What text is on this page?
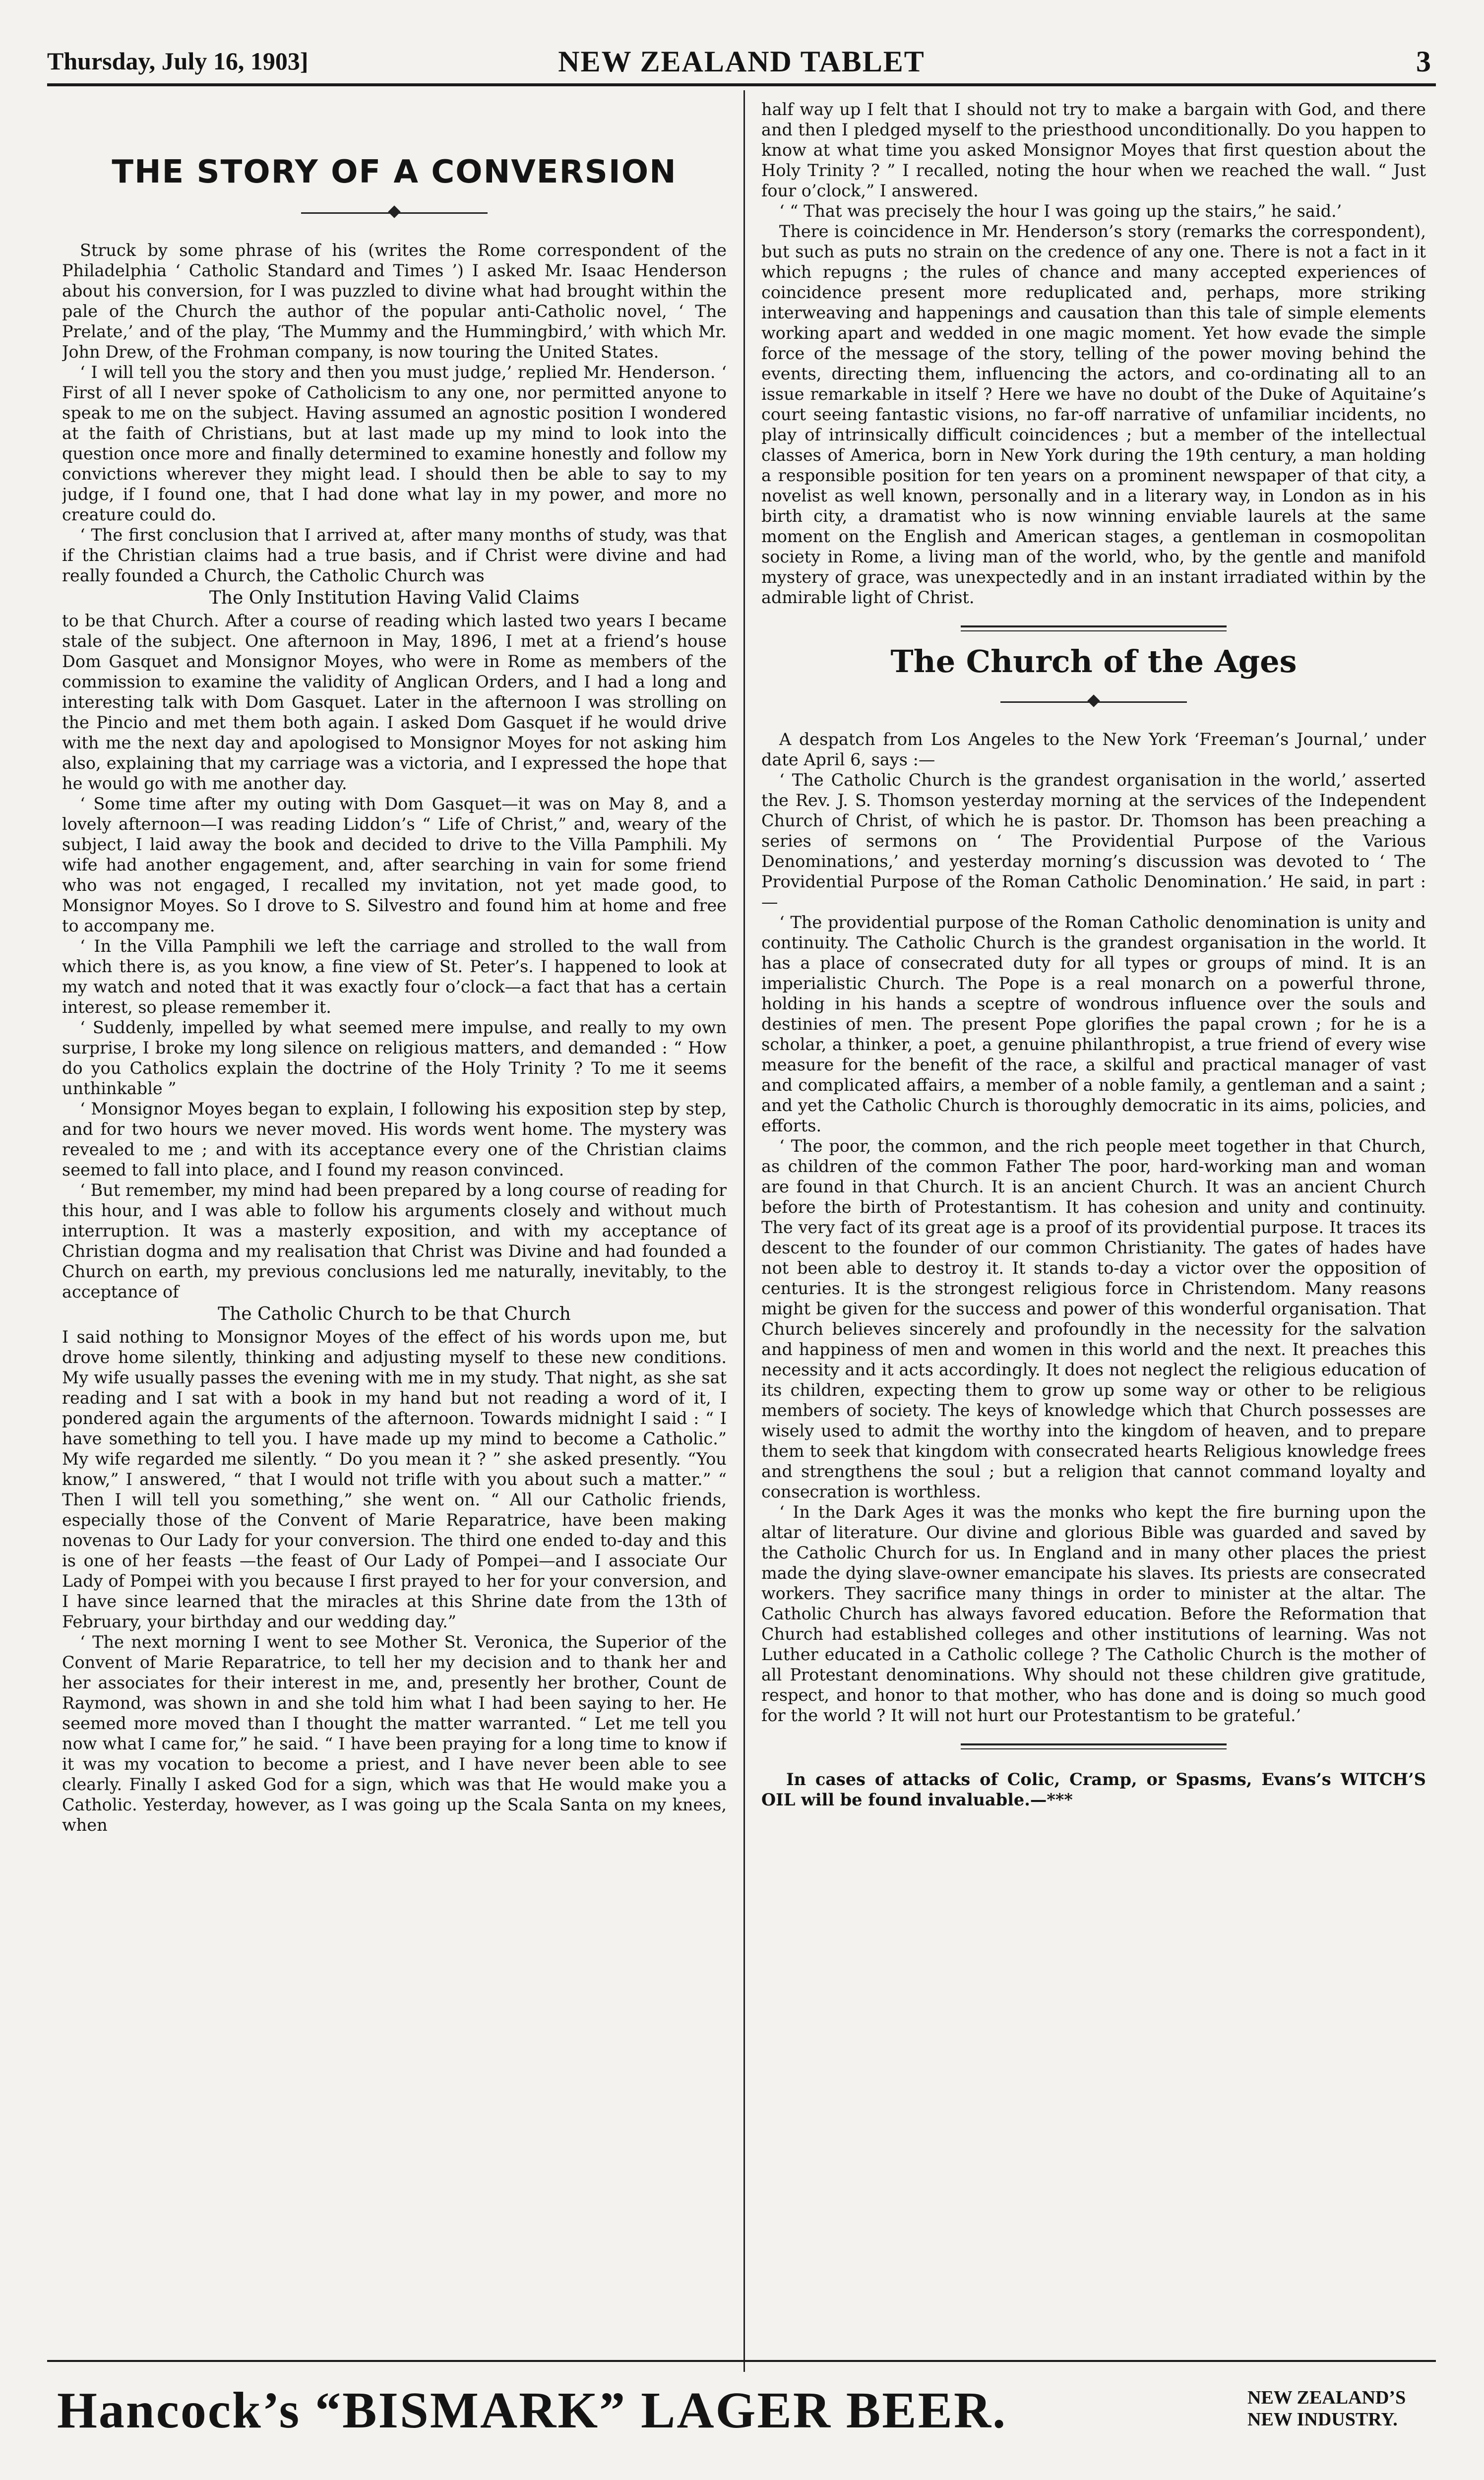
Thursday, July 16, 1903]	NEW ZEALAND TABLET	3
THE STORY OF A CONVERSION

Struck by some phrase of his (writes the Rome correspondent of the Philadelphia ‘ Catholic Standard and Times ’) I asked Mr. Isaac Henderson about his conversion, for I was puzzled to divine what had brought within the pale of the Church the author of the popular anti-Catholic novel, ‘ The Prelate,’ and of the play, ‘The Mummy and the Hummingbird,’ with which Mr. John Drew, of the Frohman company, is now touring the United States.

‘ I will tell you the story and then you must judge,’ replied Mr. Henderson. ‘ First of all I never spoke of Catholicism to any one, nor permitted anyone to speak to me on the subject. Having assumed an agnostic position I wondered at the faith of Christians, but at last made up my mind to look into the question once more and finally determined to examine honestly and follow my convictions wherever they might lead. I should then be able to say to my judge, if I found one, that I had done what lay in my power, and more no creature could do.

‘ The first conclusion that I arrived at, after many months of study, was that if the Christian claims had a true basis, and if Christ were divine and had really founded a Church, the Catholic Church was

The Only Institution Having Valid Claims

to be that Church. After a course of reading which lasted two years I became stale of the subject. One afternoon in May, 1896, I met at a friend’s house Dom Gasquet and Monsignor Moyes, who were in Rome as members of the commission to examine the validity of Anglican Orders, and I had a long and interesting talk with Dom Gasquet. Later in the afternoon I was strolling on the Pincio and met them both again. I asked Dom Gasquet if he would drive with me the next day and apologised to Monsignor Moyes for not asking him also, explaining that my carriage was a victoria, and I expressed the hope that he would go with me another day.

‘ Some time after my outing with Dom Gasquet—it was on May 8, and a lovely afternoon—I was reading Liddon’s “ Life of Christ,” and, weary of the subject, I laid away the book and decided to drive to the Villa Pamphili. My wife had another engagement, and, after searching in vain for some friend who was not engaged, I recalled my invitation, not yet made good, to Monsignor Moyes. So I drove to S. Silvestro and found him at home and free to accompany me.

‘ In the Villa Pamphili we left the carriage and strolled to the wall from which there is, as you know, a fine view of St. Peter’s. I happened to look at my watch and noted that it was exactly four o’clock—a fact that has a certain interest, so please remember it.

‘ Suddenly, impelled by what seemed mere impulse, and really to my own surprise, I broke my long silence on religious matters, and demanded : “ How do you Catholics explain the doctrine of the Holy Trinity ? To me it seems unthinkable ”

‘ Monsignor Moyes began to explain, I following his exposition step by step, and for two hours we never moved. His words went home. The mystery was revealed to me ; and with its acceptance every one of the Christian claims seemed to fall into place, and I found my reason convinced.

‘ But remember, my mind had been prepared by a long course of reading for this hour, and I was able to follow his arguments closely and without much interruption. It was a masterly exposition, and with my acceptance of Christian dogma and my realisation that Christ was Divine and had founded a Church on earth, my previous conclusions led me naturally, inevitably, to the acceptance of

The Catholic Church to be that Church

I said nothing to Monsignor Moyes of the effect of his words upon me, but drove home silently, thinking and adjusting myself to these new conditions. My wife usually passes the evening with me in my study. That night, as she sat reading and I sat with a book in my hand but not reading a word of it, I pondered again the arguments of the afternoon. Towards midnight I said : “ I have something to tell you. I have made up my mind to become a Catholic.” My wife regarded me silently. “ Do you mean it ? ” she asked presently. “You know,” I answered, “ that I would not trifle with you about such a matter.” “ Then I will tell you something,” she went on. “ All our Catholic friends, especially those of the Convent of Marie Reparatrice, have been making novenas to Our Lady for your conversion. The third one ended to-day and this is one of her feasts —the feast of Our Lady of Pompei—and I associate Our Lady of Pompei with you because I first prayed to her for your conversion, and I have since learned that the miracles at this Shrine date from the 13th of February, your birthday and our wedding day.”

‘ The next morning I went to see Mother St. Veronica, the Superior of the Convent of Marie Reparatrice, to tell her my decision and to thank her and her associates for their interest in me, and, presently her brother, Count de Raymond, was shown in and she told him what I had been saying to her. He seemed more moved than I thought the matter warranted. “ Let me tell you now what I came for,” he said. “ I have been praying for a long time to know if it was my vocation to become a priest, and I have never been able to see clearly. Finally I asked God for a sign, which was that He would make you a Catholic. Yesterday, however, as I was going up the Scala Santa on my knees, when

half way up I felt that I should not try to make a bargain with God, and there and then I pledged myself to the priesthood unconditionally. Do you happen to know at what time you asked Monsignor Moyes that first question about the Holy Trinity ? ” I recalled, noting the hour when we reached the wall. “ Just four o’clock,” I answered.

‘ “ That was precisely the hour I was going up the stairs,” he said.’

There is coincidence in Mr. Henderson’s story (remarks the correspondent), but such as puts no strain on the credence of any one. There is not a fact in it which repugns ; the rules of chance and many accepted experiences of coincidence present more reduplicated and, perhaps, more striking interweaving and happenings and causation than this tale of simple elements working apart and wedded in one magic moment. Yet how evade the simple force of the message of the story, telling of the power moving behind the events, directing them, influencing the actors, and co-ordinating all to an issue remarkable in itself ? Here we have no doubt of the Duke of Aquitaine’s court seeing fantastic visions, no far-off narrative of unfamiliar incidents, no play of intrinsically difficult coincidences ; but a member of the intellectual classes of America, born in New York during the 19th century, a man holding a responsible position for ten years on a prominent newspaper of that city, a novelist as well known, personally and in a literary way, in London as in his birth city, a dramatist who is now winning enviable laurels at the same moment on the English and American stages, a gentleman in cosmopolitan society in Rome, a living man of the world, who, by the gentle and manifold mystery of grace, was unexpectedly and in an instant irradiated within by the admirable light of Christ.

The Church of the Ages

A despatch from Los Angeles to the New York ‘Freeman’s Journal,’ under date April 6, says :—

‘ The Catholic Church is the grandest organisation in the world,’ asserted the Rev. J. S. Thomson yesterday morning at the services of the Independent Church of Christ, of which he is pastor. Dr. Thomson has been preaching a series of sermons on ‘ The Providential Purpose of the Various Denominations,’ and yesterday morning’s discussion was devoted to ‘ The Providential Purpose of the Roman Catholic Denomination.’ He said, in part :—

‘ The providential purpose of the Roman Catholic denomination is unity and continuity. The Catholic Church is the grandest organisation in the world. It has a place of consecrated duty for all types or groups of mind. It is an imperialistic Church. The Pope is a real monarch on a powerful throne, holding in his hands a sceptre of wondrous influence over the souls and destinies of men. The present Pope glorifies the papal crown ; for he is a scholar, a thinker, a poet, a genuine philanthropist, a true friend of every wise measure for the benefit of the race, a skilful and practical manager of vast and complicated affairs, a member of a noble family, a gentleman and a saint ; and yet the Catholic Church is thoroughly democratic in its aims, policies, and efforts.

‘ The poor, the common, and the rich people meet together in that Church, as children of the common Father The poor, hard-working man and woman are found in that Church. It is an ancient Church. It was an ancient Church before the birth of Protestantism. It has cohesion and unity and continuity. The very fact of its great age is a proof of its providential purpose. It traces its descent to the founder of our common Christianity. The gates of hades have not been able to destroy it. It stands to-day a victor over the opposition of centuries. It is the strongest religious force in Christendom. Many reasons might be given for the success and power of this wonderful organisation. That Church believes sincerely and profoundly in the necessity for the salvation and happiness of men and women in this world and the next. It preaches this necessity and it acts accordingly. It does not neglect the religious education of its children, expecting them to grow up some way or other to be religious members of society. The keys of knowledge which that Church possesses are wisely used to admit the worthy into the kingdom of heaven, and to prepare them to seek that kingdom with consecrated hearts Religious knowledge frees and strengthens the soul ; but a religion that cannot command loyalty and consecration is worthless.

‘ In the Dark Ages it was the monks who kept the fire burning upon the altar of literature. Our divine and glorious Bible was guarded and saved by the Catholic Church for us. In England and in many other places the priest made the dying slave-owner emancipate his slaves. Its priests are consecrated workers. They sacrifice many things in order to minister at the altar. The Catholic Church has always favored education. Before the Reformation that Church had established colleges and other institutions of learning. Was not Luther educated in a Catholic college ? The Catholic Church is the mother of all Protestant denominations. Why should not these children give gratitude, respect, and honor to that mother, who has done and is doing so much good for the world ? It will not hurt our Protestantism to be grateful.’

In cases of attacks of Colic, Cramp, or Spasms, Evans’s WITCH’S OIL will be found invaluable.—***

Hancock’s “BISMARK” LAGER BEER.	NEW ZEALAND’S
NEW INDUSTRY.
